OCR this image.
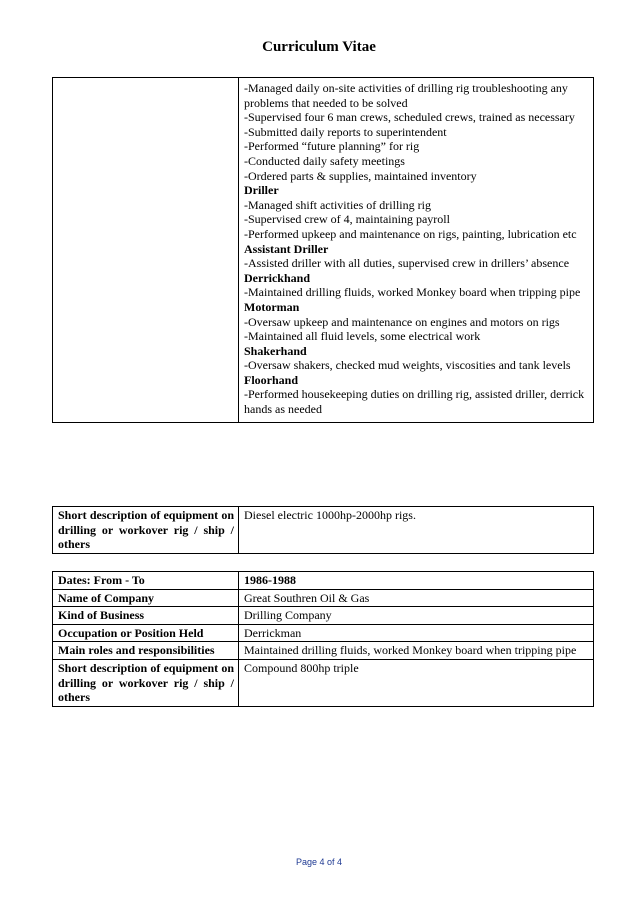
Curriculum Vitae

-Managed daily on-site activities of drilling rig troubleshooting any problems that needed to be solved
-Supervised four 6 man crews, scheduled crews, trained as necessary
-Submitted daily reports to superintendent
-Performed “future planning” for rig
-Conducted daily safety meetings
-Ordered parts & supplies, maintained inventory
Driller
-Managed shift activities of drilling rig
-Supervised crew of 4, maintaining payroll
-Performed upkeep and maintenance on rigs, painting, lubrication etc
Assistant Driller
-Assisted driller with all duties, supervised crew in drillers’ absence
Derrickhand
-Maintained drilling fluids, worked Monkey board when tripping pipe
Motorman
-Oversaw upkeep and maintenance on engines and motors on rigs
-Maintained all fluid levels, some electrical work
Shakerhand
-Oversaw shakers, checked mud weights, viscosities and tank levels
Floorhand
-Performed housekeeping duties on drilling rig, assisted driller, derrick hands as needed
Short description of equipment on drilling or workover rig / ship / others	Diesel electric 1000hp-2000hp rigs.
Dates: From - To	1986-1988
Name of Company	Great Southren Oil & Gas
Kind of Business	Drilling Company
Occupation or Position Held	Derrickman
Main roles and responsibilities	Maintained drilling fluids, worked Monkey board when tripping pipe
Short description of equipment on drilling or workover rig / ship / others	Compound 800hp triple
Page 4 of 4
